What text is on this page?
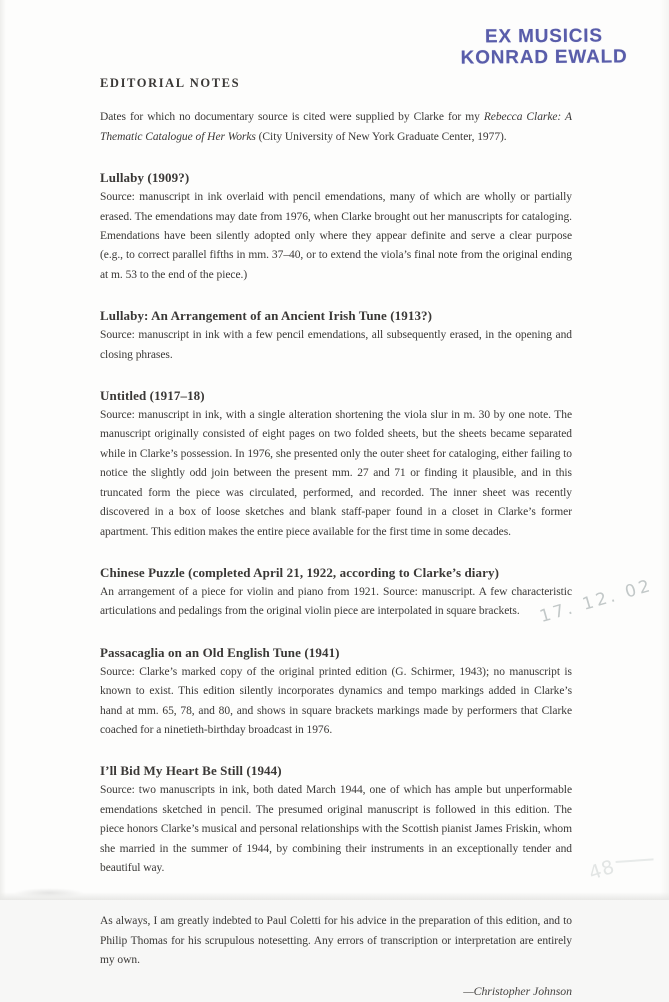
EX MUSICIS
KONRAD EWALD
EDITORIAL NOTES

Dates for which no documentary source is cited were supplied by Clarke for my Rebecca Clarke: A Thematic Catalogue of Her Works (City University of New York Graduate Center, 1977).

Lullaby (1909?)

Source: manuscript in ink overlaid with pencil emendations, many of which are wholly or partially erased. The emendations may date from 1976, when Clarke brought out her manuscripts for cataloging. Emendations have been silently adopted only where they appear definite and serve a clear purpose (e.g., to correct parallel fifths in mm. 37–40, or to extend the viola’s final note from the original ending at m. 53 to the end of the piece.)

Lullaby: An Arrangement of an Ancient Irish Tune (1913?)

Source: manuscript in ink with a few pencil emendations, all subsequently erased, in the opening and closing phrases.

Untitled (1917–18)

Source: manuscript in ink, with a single alteration shortening the viola slur in m. 30 by one note. The manuscript originally consisted of eight pages on two folded sheets, but the sheets became separated while in Clarke’s possession. In 1976, she presented only the outer sheet for cataloging, either failing to notice the slightly odd join between the present mm. 27 and 71 or finding it plausible, and in this truncated form the piece was circulated, performed, and recorded. The inner sheet was recently discovered in a box of loose sketches and blank staff-paper found in a closet in Clarke’s former apartment. This edition makes the entire piece available for the first time in some decades.

Chinese Puzzle (completed April 21, 1922, according to Clarke’s diary)

An arrangement of a piece for violin and piano from 1921. Source: manuscript. A few characteristic articulations and pedalings from the original violin piece are interpolated in square brackets.

Passacaglia on an Old English Tune (1941)

Source: Clarke’s marked copy of the original printed edition (G. Schirmer, 1943); no manuscript is known to exist. This edition silently incorporates dynamics and tempo markings added in Clarke’s hand at mm. 65, 78, and 80, and shows in square brackets markings made by performers that Clarke coached for a ninetieth-birthday broadcast in 1976.

I’ll Bid My Heart Be Still (1944)

Source: two manuscripts in ink, both dated March 1944, one of which has ample but unperformable emendations sketched in pencil. The presumed original manuscript is followed in this edition. The piece honors Clarke’s musical and personal relationships with the Scottish pianist James Friskin, whom she married in the summer of 1944, by combining their instruments in an exceptionally tender and beautiful way.

As always, I am greatly indebted to Paul Coletti for his advice in the preparation of this edition, and to Philip Thomas for his scrupulous notesetting. Any errors of transcription or interpretation are entirely my own.

—Christopher Johnson
17. 12. 02
48
